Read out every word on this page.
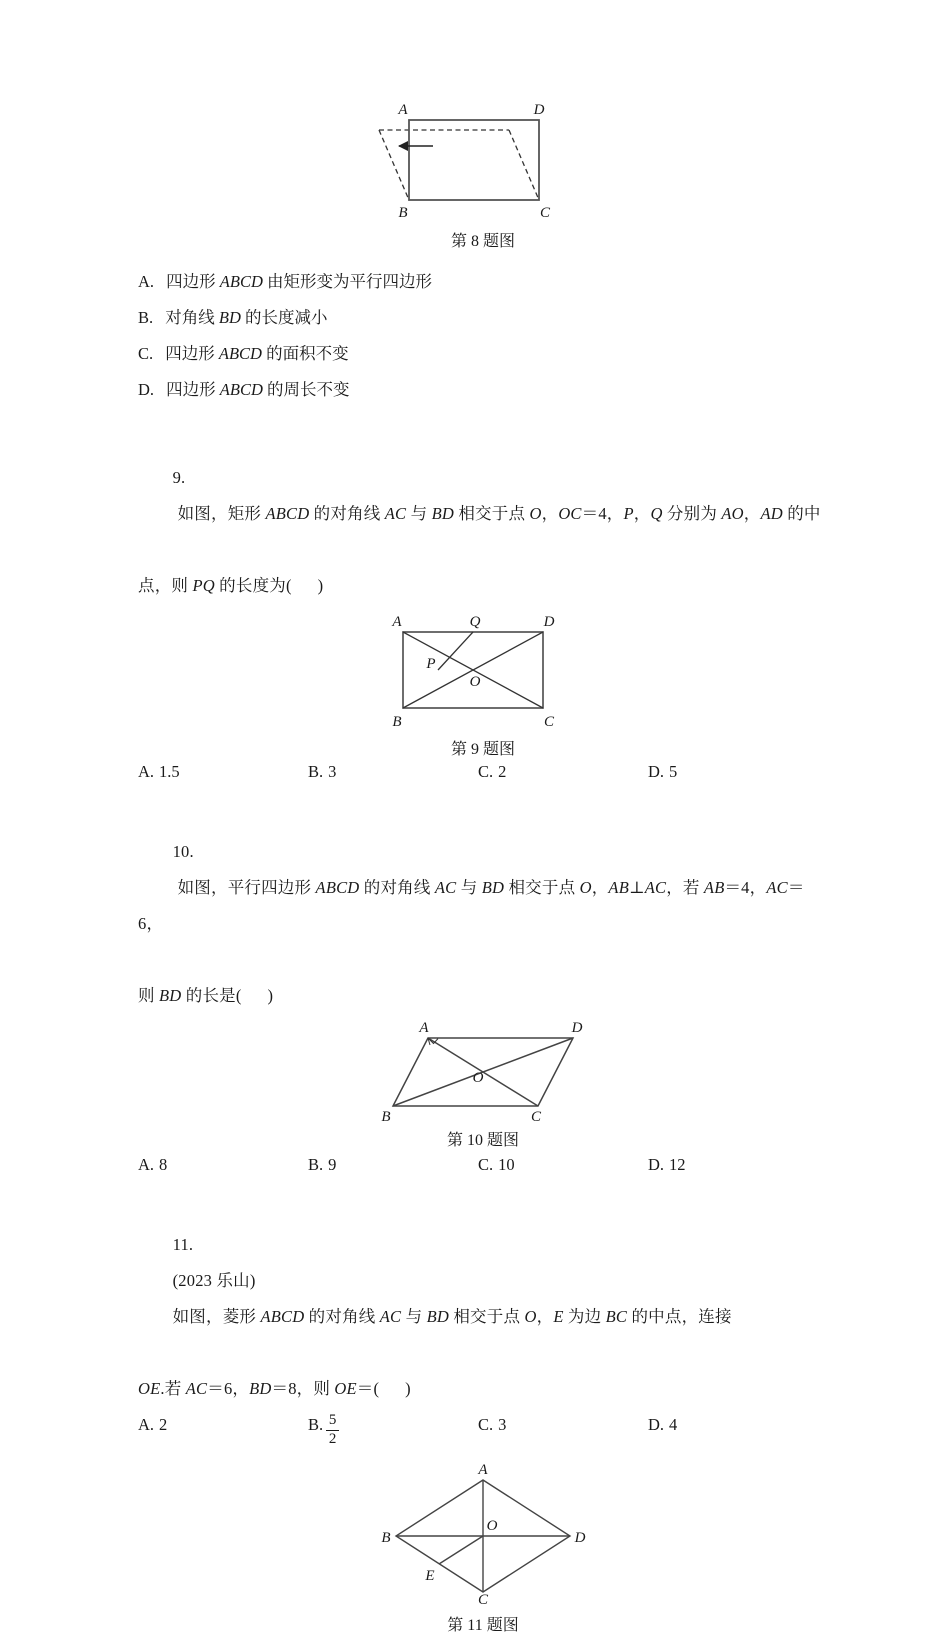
A	D
B	C
第 8 题图
A. 四边形 ABCD 由矩形变为平行四边形
B. 对角线 BD 的长度减小
C. 四边形 ABCD 的面积不变
D. 四边形 ABCD 的周长不变

9.
如图，矩形 ABCD 的对角线 AC 与 BD 相交于点 O，OC＝4，P，Q 分别为 AO，AD 的中

点，则 PQ 的长度为(      )
A	Q	D
P
O
B	C
第 9 题图
A. 1.5	B. 3	C. 2	D. 5

10.
如图，平行四边形 ABCD 的对角线 AC 与 BD 相交于点 O，AB⊥AC，若 AB＝4，AC＝6，

则 BD 的长是(      )
A	D
O
B	C
第 10 题图
A. 8	B. 9	C. 10	D. 12

11.
(2023 乐山)
如图，菱形 ABCD 的对角线 AC 与 BD 相交于点 O，E 为边 BC 的中点，连接

OE.若 AC＝6，BD＝8，则 OE＝(      )
A. 2	B. $\frac{5}{2}$	C. 3	D. 4
A
B	D
O
E
C
第 11 题图
